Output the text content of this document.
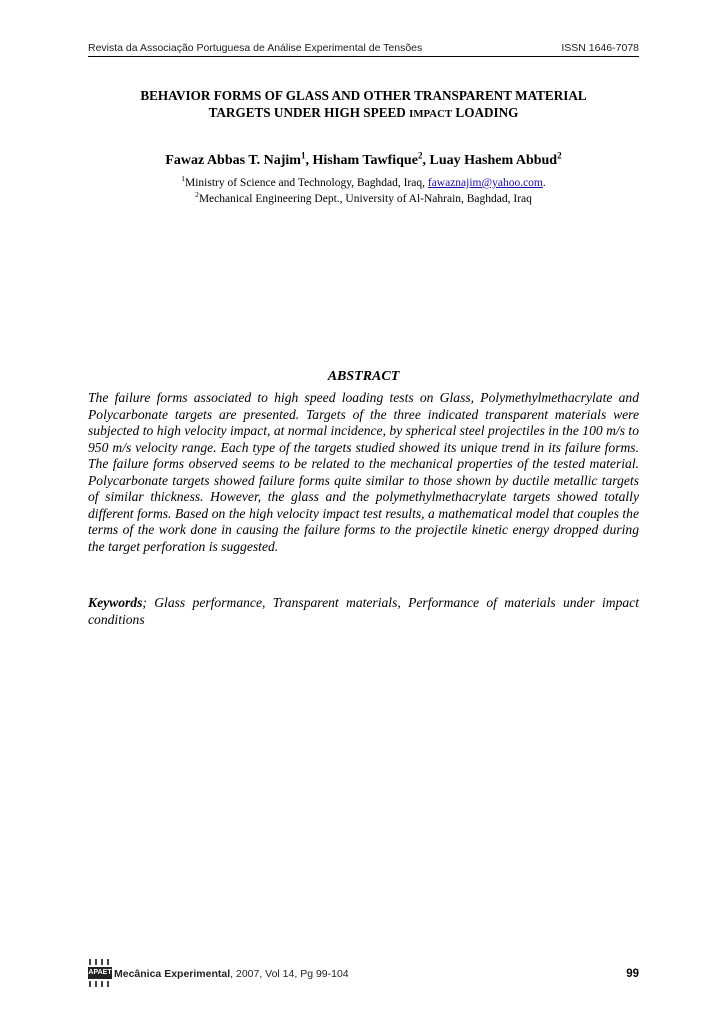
Revista da Associação Portuguesa de Análise Experimental de Tensões	ISSN 1646-7078
BEHAVIOR FORMS OF GLASS AND OTHER TRANSPARENT MATERIAL
TARGETS UNDER HIGH SPEED IMPACT LOADING
Fawaz Abbas T. Najim$^1$, Hisham Tawfique$^2$, Luay Hashem Abbud$^2$
$^1$Ministry of Science and Technology, Baghdad, Iraq, fawaznajim@yahoo.com.
$^2$Mechanical Engineering Dept., University of Al-Nahrain, Baghdad, Iraq
ABSTRACT

The failure forms associated to high speed loading tests on Glass, Polymethylmethacrylate and Polycarbonate targets are presented. Targets of the three indicated transparent materials were subjected to high velocity impact, at normal incidence, by spherical steel projectiles in the 100 m/s to 950 m/s velocity range. Each type of the targets studied showed its unique trend in its failure forms. The failure forms observed seems to be related to the mechanical properties of the tested material. Polycarbonate targets showed failure forms quite similar to those shown by ductile metallic targets of similar thickness. However, the glass and the polymethylmethacrylate targets showed totally different forms. Based on the high velocity impact test results, a mathematical model that couples the terms of the work done in causing the failure forms to the projectile kinetic energy dropped during the target perforation is suggested.

Keywords; Glass performance, Transparent materials, Performance of materials under impact conditions

APAET Mecânica Experimental, 2007, Vol 14, Pg 99-104	99
